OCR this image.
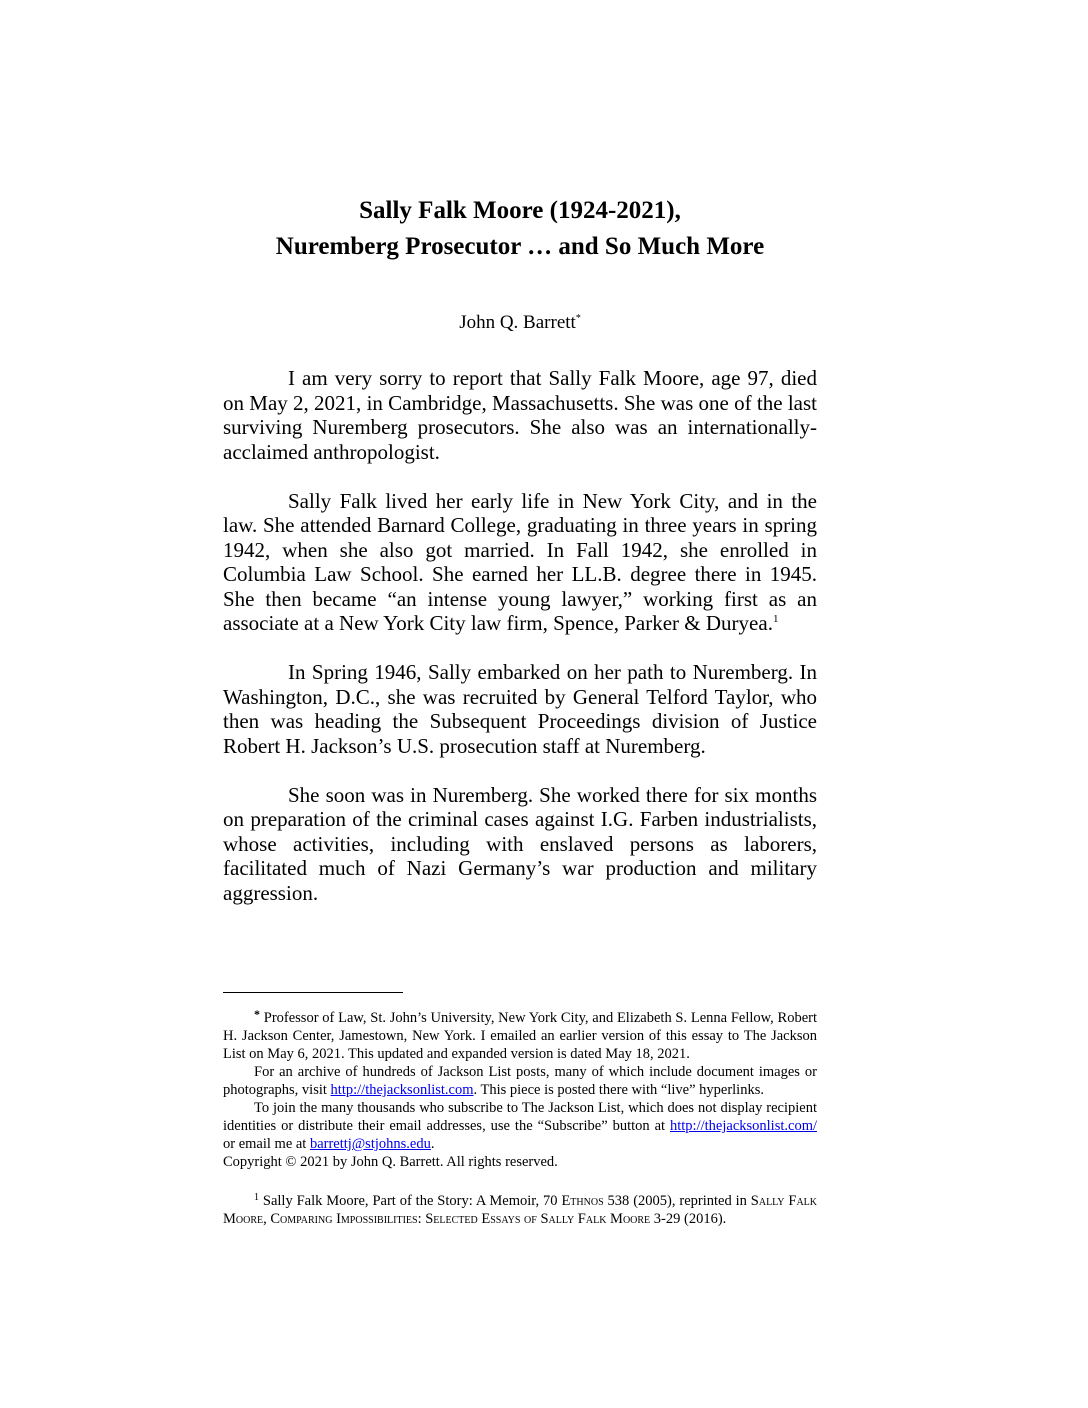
Sally Falk Moore (1924-2021),
Nuremberg Prosecutor … and So Much More
John Q. Barrett*

I am very sorry to report that Sally Falk Moore, age 97, died on May 2, 2021, in Cambridge, Massachusetts. She was one of the last surviving Nuremberg prosecutors. She also was an internationally-acclaimed anthropologist.

Sally Falk lived her early life in New York City, and in the law. She attended Barnard College, graduating in three years in spring 1942, when she also got married. In Fall 1942, she enrolled in Columbia Law School. She earned her LL.B. degree there in 1945. She then became “an intense young lawyer,” working first as an associate at a New York City law firm, Spence, Parker & Duryea.$^1$

In Spring 1946, Sally embarked on her path to Nuremberg. In Washington, D.C., she was recruited by General Telford Taylor, who then was heading the Subsequent Proceedings division of Justice Robert H. Jackson’s U.S. prosecution staff at Nuremberg.

She soon was in Nuremberg. She worked there for six months on preparation of the criminal cases against I.G. Farben industrialists, whose activities, including with enslaved persons as laborers, facilitated much of Nazi Germany’s war production and military aggression.

* Professor of Law, St. John’s University, New York City, and Elizabeth S. Lenna Fellow, Robert H. Jackson Center, Jamestown, New York. I emailed an earlier version of this essay to The Jackson List on May 6, 2021. This updated and expanded version is dated May 18, 2021.

For an archive of hundreds of Jackson List posts, many of which include document images or photographs, visit http://thejacksonlist.com. This piece is posted there with “live” hyperlinks.

To join the many thousands who subscribe to The Jackson List, which does not display recipient identities or distribute their email addresses, use the “Subscribe” button at http://thejacksonlist.com/ or email me at barrettj@stjohns.edu.

Copyright © 2021 by John Q. Barrett. All rights reserved.

$^1$ Sally Falk Moore, Part of the Story: A Memoir, 70 Ethnos 538 (2005), reprinted in Sally Falk Moore, Comparing Impossibilities: Selected Essays of Sally Falk Moore 3-29 (2016).
